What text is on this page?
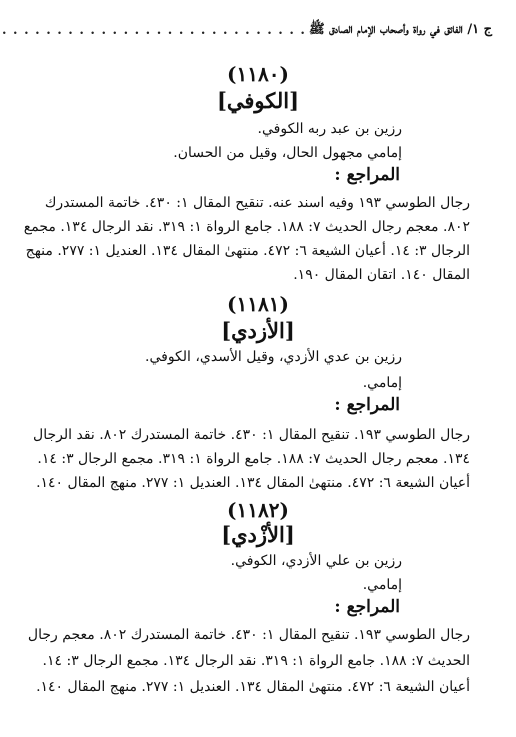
ج ١/ الفائق في رواة وأصحاب الإمام الصادق ﷺ
. . . . . . . . . . . . . . . . . . . . . . . . . . . .
(١١٨٠)
[الكوفي]
رزين بن عبد ربه الكوفي.
إمامي مجهول الحال، وقيل من الحسان.
المراجع :
رجال الطوسي ١٩٣ وفيه اسند عنه. تنقيح المقال ١: ٤٣٠. خاتمة المستدرك
٨٠٢. معجم رجال الحديث ٧: ١٨٨. جامع الرواة ١: ٣١٩. نقد الرجال ١٣٤. مجمع
الرجال ٣: ١٤. أعيان الشيعة ٦: ٤٧٢. منتهىٰ المقال ١٣٤. العنديل ١: ٢٧٧. منهج
المقال ١٤٠. اتقان المقال ١٩٠.
(١١٨١)
[الأزدي]
رزين بن عدي الأزدي، وقيل الأسدي، الكوفي.
إمامي.
المراجع :
رجال الطوسي ١٩٣. تنقيح المقال ١: ٤٣٠. خاتمة المستدرك ٨٠٢. نقد الرجال
١٣٤. معجم رجال الحديث ٧: ١٨٨. جامع الرواة ١: ٣١٩. مجمع الرجال ٣: ١٤.
أعيان الشيعة ٦: ٤٧٢. منتهىٰ المقال ١٣٤. العنديل ١: ٢٧٧. منهج المقال ١٤٠.
(١١٨٢)
[الأزْدي]
رزين بن علي الأزدي، الكوفي.
إمامي.
المراجع :
رجال الطوسي ١٩٣. تنقيح المقال ١: ٤٣٠. خاتمة المستدرك ٨٠٢. معجم رجال
الحديث ٧: ١٨٨. جامع الرواة ١: ٣١٩. نقد الرجال ١٣٤. مجمع الرجال ٣: ١٤.
أعيان الشيعة ٦: ٤٧٢. منتهىٰ المقال ١٣٤. العنديل ١: ٢٧٧. منهج المقال ١٤٠.
